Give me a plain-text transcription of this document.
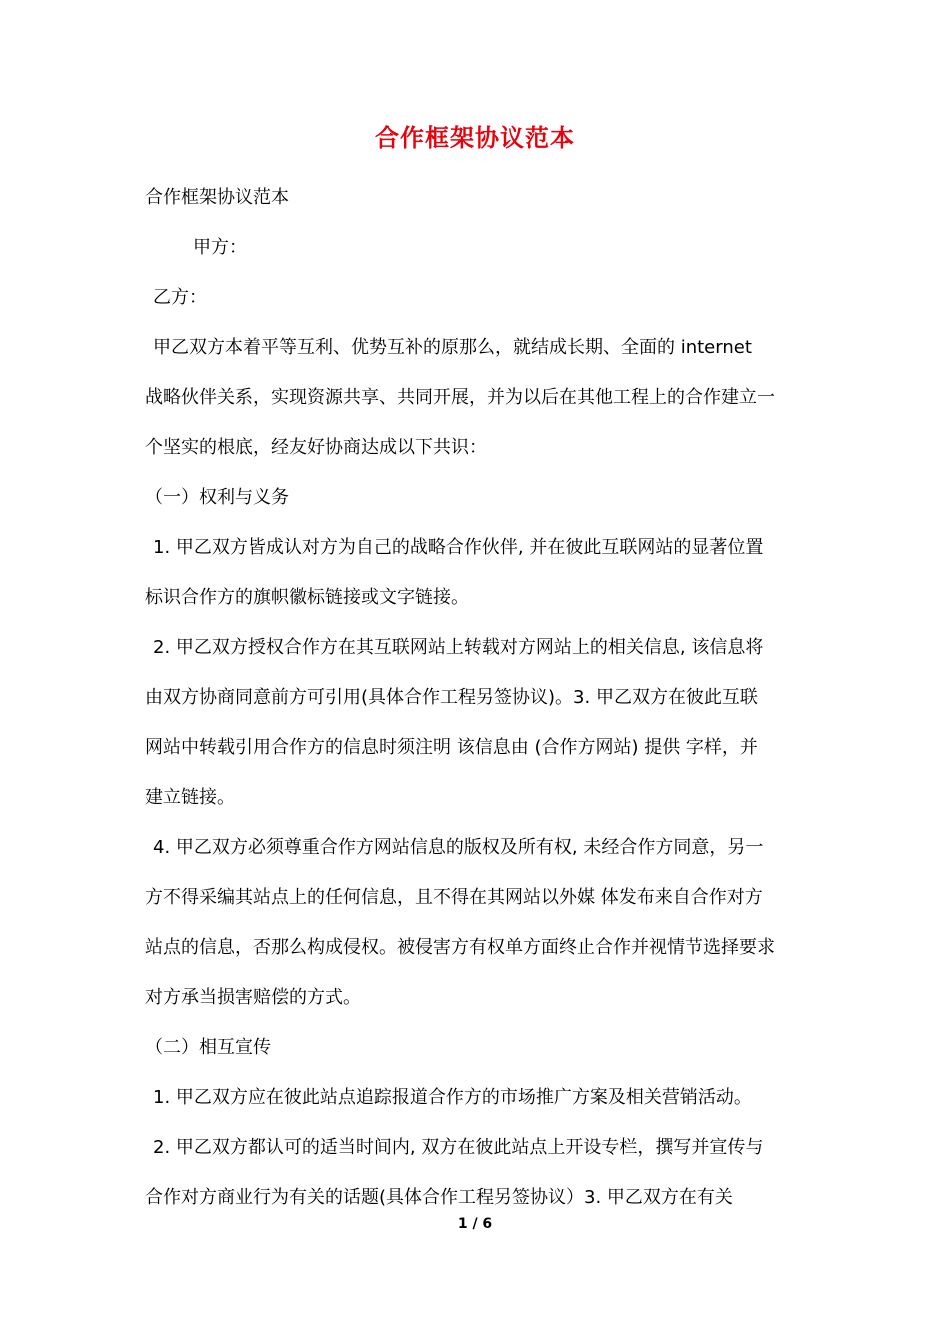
合作框架协议范本
合作框架协议范本
甲方：
乙方：
甲乙双方本着平等互利、优势互补的原那么，就结成长期、全面的 internet
战略伙伴关系，实现资源共享、共同开展，并为以后在其他工程上的合作建立一
个坚实的根底，经友好协商达成以下共识：
（一）权利与义务
1. 甲乙双方皆成认对方为自己的战略合作伙伴, 并在彼此互联网站的显著位置
标识合作方的旗帜徽标链接或文字链接。
2. 甲乙双方授权合作方在其互联网站上转载对方网站上的相关信息, 该信息将
由双方协商同意前方可引用(具体合作工程另签协议)。3. 甲乙双方在彼此互联
网站中转载引用合作方的信息时须注明 该信息由 (合作方网站) 提供 字样，并
建立链接。
4. 甲乙双方必须尊重合作方网站信息的版权及所有权, 未经合作方同意，另一
方不得采编其站点上的任何信息，且不得在其网站以外媒 体发布来自合作对方
站点的信息，否那么构成侵权。被侵害方有权单方面终止合作并视情节选择要求
对方承当损害赔偿的方式。
（二）相互宣传
1. 甲乙双方应在彼此站点追踪报道合作方的市场推广方案及相关营销活动。
2. 甲乙双方都认可的适当时间内, 双方在彼此站点上开设专栏，撰写并宣传与
合作对方商业行为有关的话题(具体合作工程另签协议）3. 甲乙双方在有关
1 / 6
